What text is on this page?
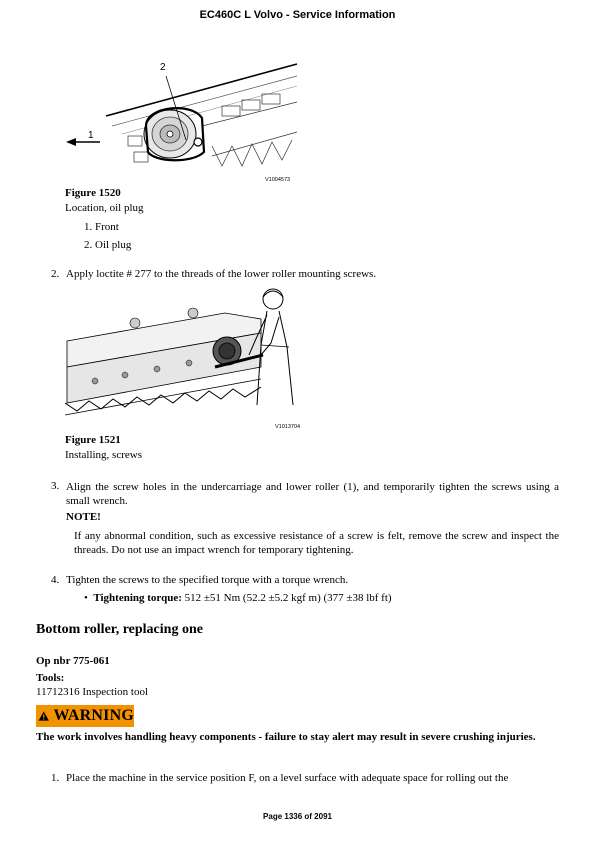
EC460C L Volvo - Service Information
2
1
V1004573
Figure 1520
Location, oil plug
1. Front
2. Oil plug
2. Apply loctite # 277 to the threads of the lower roller mounting screws.
V1013704
Figure 1521
Installing, screws
3. Align the screw holes in the undercarriage and lower roller (1), and temporarily tighten the screws using a small wrench.
NOTE!
If any abnormal condition, such as excessive resistance of a screw is felt, remove the screw and inspect the threads. Do not use an impact wrench for temporary tightening.
4. Tighten the screws to the specified torque with a torque wrench.
• Tightening torque: 512 ±51 Nm (52.2 ±5.2 kgf m) (377 ±38 lbf ft)
Bottom roller, replacing one
Op nbr 775-061
Tools:
11712316 Inspection tool
WARNING
The work involves handling heavy components - failure to stay alert may result in severe crushing injuries.
1. Place the machine in the service position F, on a level surface with adequate space for rolling out the
Page 1336 of 2091
